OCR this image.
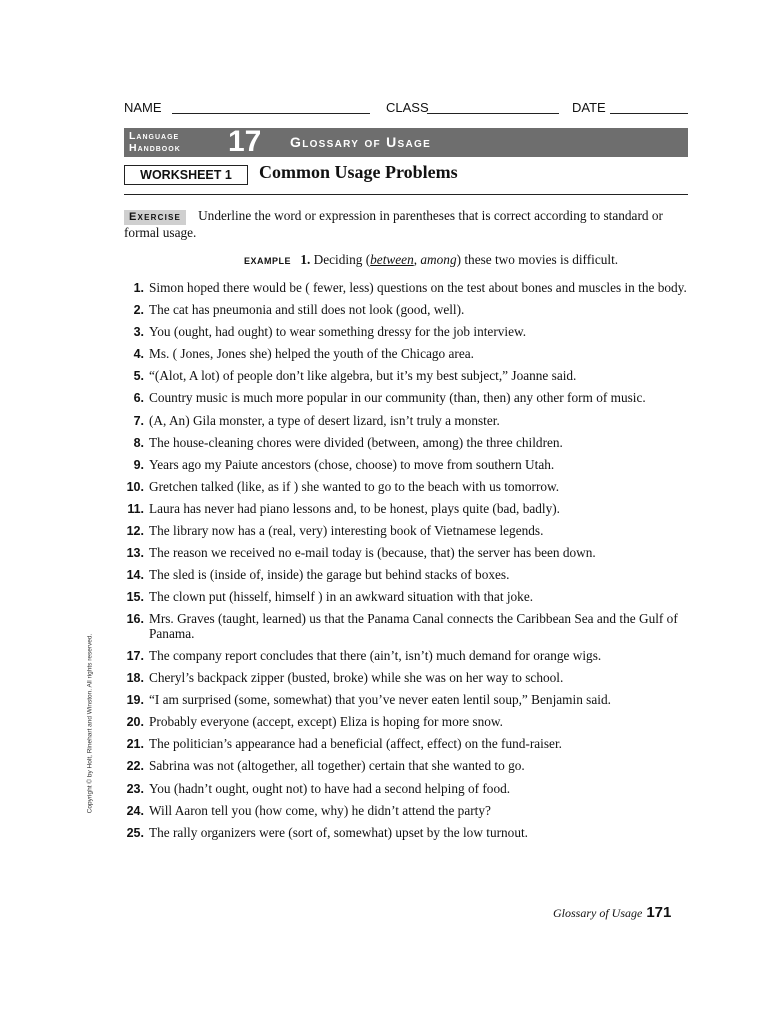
NAME	CLASS	DATE
Language
Handbook 17 Glossary of Usage
WORKSHEET 1	Common Usage Problems
Exercise Underline the word or expression in parentheses that is correct according to standard or formal usage.
EXAMPLE 1. Deciding (between, among) these two movies is difficult.
1. Simon hoped there would be ( fewer, less) questions on the test about bones and muscles in the body.
2. The cat has pneumonia and still does not look (good, well).
3. You (ought, had ought) to wear something dressy for the job interview.
4. Ms. ( Jones, Jones she) helped the youth of the Chicago area.
5. “(Alot, A lot) of people don’t like algebra, but it’s my best subject,” Joanne said.
6. Country music is much more popular in our community (than, then) any other form of music.
7. (A, An) Gila monster, a type of desert lizard, isn’t truly a monster.
8. The house-cleaning chores were divided (between, among) the three children.
9. Years ago my Paiute ancestors (chose, choose) to move from southern Utah.
10. Gretchen talked (like, as if ) she wanted to go to the beach with us tomorrow.
11. Laura has never had piano lessons and, to be honest, plays quite (bad, badly).
12. The library now has a (real, very) interesting book of Vietnamese legends.
13. The reason we received no e-mail today is (because, that) the server has been down.
14. The sled is (inside of, inside) the garage but behind stacks of boxes.
15. The clown put (hisself, himself ) in an awkward situation with that joke.
16. Mrs. Graves (taught, learned) us that the Panama Canal connects the Caribbean Sea and the Gulf of Panama.
17. The company report concludes that there (ain’t, isn’t) much demand for orange wigs.
18. Cheryl’s backpack zipper (busted, broke) while she was on her way to school.
19. “I am surprised (some, somewhat) that you’ve never eaten lentil soup,” Benjamin said.
20. Probably everyone (accept, except) Eliza is hoping for more snow.
21. The politician’s appearance had a beneficial (affect, effect) on the fund-raiser.
22. Sabrina was not (altogether, all together) certain that she wanted to go.
23. You (hadn’t ought, ought not) to have had a second helping of food.
24. Will Aaron tell you (how come, why) he didn’t attend the party?
25. The rally organizers were (sort of, somewhat) upset by the low turnout.
Glossary of Usage 171
Copyright © by Holt, Rinehart and Winston. All rights reserved.
